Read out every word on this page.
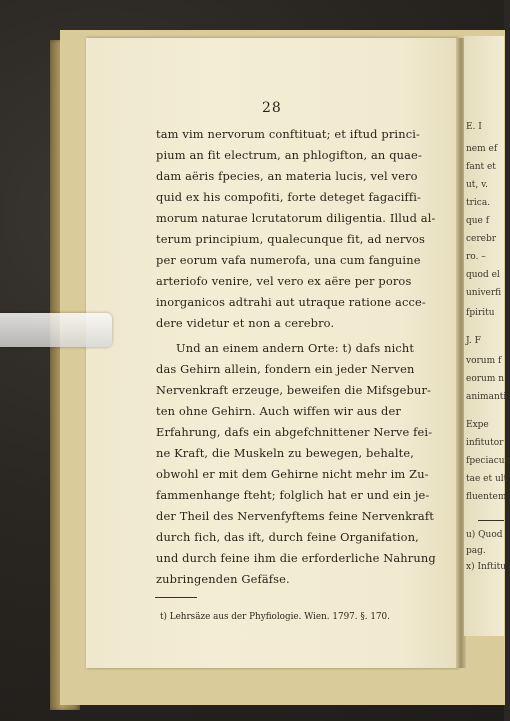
E. I
nem ef
fant et
ut, v.
trica.
que f
cerebr
ro. –
quod el
univerfi
fpiritu
J. F
vorum f
eorum n
animanti
Expe
infitutor
fpeciacun
tae et ult
fluentem
u) Quod
pag.
x) Inftitu
28
tam vim nervorum conftituat; et iftud princi-
pium an fit electrum, an phlogifton, an quae-
dam aëris fpecies, an materia lucis, vel vero
quid ex his compofiti, forte deteget fagaciffi-
morum naturae lcrutatorum diligentia. Illud al-
terum principium, qualecunque fit, ad nervos
per eorum vafa numerofa, una cum fanguine
arteriofo venire, vel vero ex aëre per poros
inorganicos adtrahi aut utraque ratione acce-
dere videtur et non a cerebro.
Und an einem andern Orte: t) dafs nicht
das Gehirn allein, fondern ein jeder Nerven
Nervenkraft erzeuge, beweifen die Mifsgebur-
ten ohne Gehirn. Auch wiffen wir aus der
Erfahrung, dafs ein abgefchnittener Nerve fei-
ne Kraft, die Muskeln zu bewegen, behalte,
obwohl er mit dem Gehirne nicht mehr im Zu-
fammenhange fteht; folglich hat er und ein je-
der Theil des Nervenfyftems feine Nervenkraft
durch fich, das ift, durch feine Organifation,
und durch feine ihm die erforderliche Nahrung
zubringenden Gefäfse.
t) Lehrsäze aus der Phyfiologie. Wien. 1797. §. 170.
